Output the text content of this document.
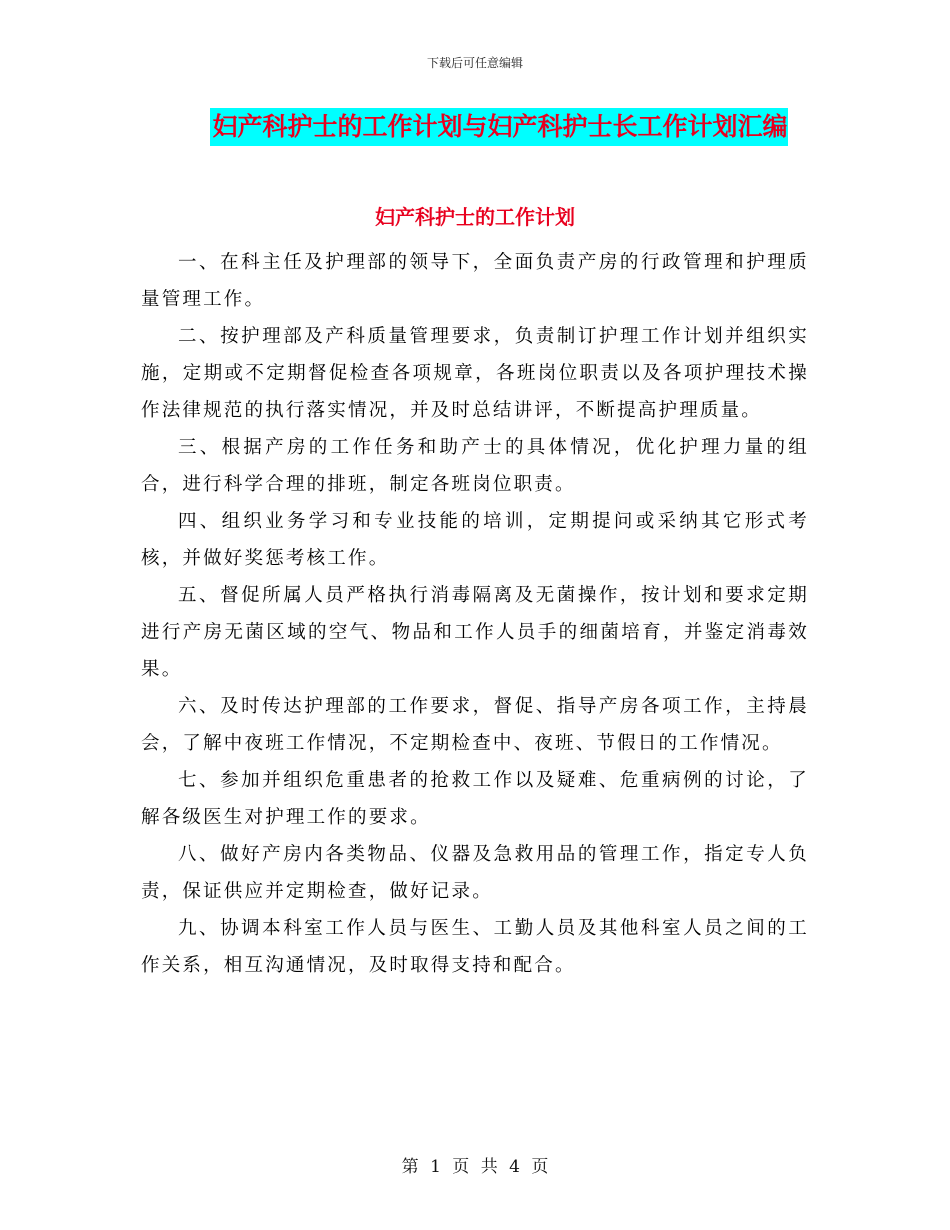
下载后可任意编辑
妇产科护士的工作计划与妇产科护士长工作计划汇编
妇产科护士的工作计划

一、在科主任及护理部的领导下，全面负责产房的行政管理和护理质量管理工作。

二、按护理部及产科质量管理要求，负责制订护理工作计划并组织实施，定期或不定期督促检查各项规章，各班岗位职责以及各项护理技术操作法律规范的执行落实情况，并及时总结讲评，不断提高护理质量。

三、根据产房的工作任务和助产士的具体情况，优化护理力量的组合，进行科学合理的排班，制定各班岗位职责。

四、组织业务学习和专业技能的培训，定期提问或采纳其它形式考核，并做好奖惩考核工作。

五、督促所属人员严格执行消毒隔离及无菌操作，按计划和要求定期进行产房无菌区域的空气、物品和工作人员手的细菌培育，并鉴定消毒效果。

六、及时传达护理部的工作要求，督促、指导产房各项工作，主持晨会，了解中夜班工作情况，不定期检查中、夜班、节假日的工作情况。

七、参加并组织危重患者的抢救工作以及疑难、危重病例的讨论，了解各级医生对护理工作的要求。

八、做好产房内各类物品、仪器及急救用品的管理工作，指定专人负责，保证供应并定期检查，做好记录。

九、协调本科室工作人员与医生、工勤人员及其他科室人员之间的工作关系，相互沟通情况，及时取得支持和配合。

第 1 页 共 4 页
